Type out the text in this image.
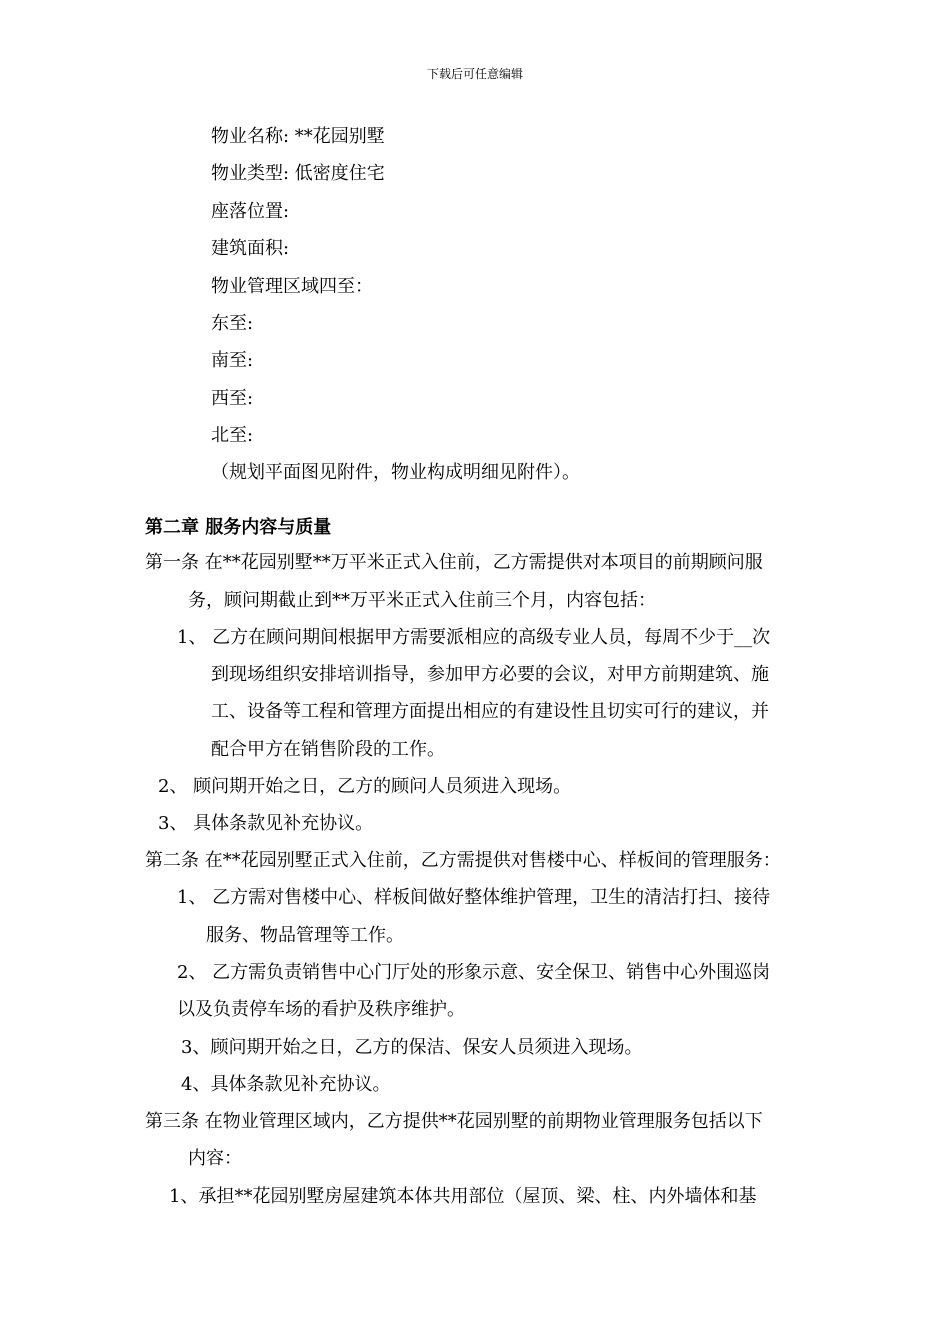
下载后可任意编辑
物业名称: **花园别墅
物业类型: 低密度住宅
座落位置:
建筑面积:
物业管理区域四至：
东至:
南至:
西至:
北至:
（规划平面图见附件，物业构成明细见附件）。
第二章 服务内容与质量
第一条 在**花园别墅**万平米正式入住前，乙方需提供对本项目的前期顾问服
务，顾问期截止到**万平米正式入住前三个月，内容包括：
1、 乙方在顾问期间根据甲方需要派相应的高级专业人员，每周不少于__次
到现场组织安排培训指导，参加甲方必要的会议，对甲方前期建筑、施
工、设备等工程和管理方面提出相应的有建设性且切实可行的建议，并
配合甲方在销售阶段的工作。
2、 顾问期开始之日，乙方的顾问人员须进入现场。
3、 具体条款见补充协议。
第二条 在**花园别墅正式入住前，乙方需提供对售楼中心、样板间的管理服务：
1、 乙方需对售楼中心、样板间做好整体维护管理，卫生的清洁打扫、接待
服务、物品管理等工作。
2、 乙方需负责销售中心门厅处的形象示意、安全保卫、销售中心外围巡岗
以及负责停车场的看护及秩序维护。
3、顾问期开始之日，乙方的保洁、保安人员须进入现场。
4、具体条款见补充协议。
第三条 在物业管理区域内，乙方提供**花园别墅的前期物业管理服务包括以下
内容：
1、承担**花园别墅房屋建筑本体共用部位（屋顶、梁、柱、内外墙体和基
